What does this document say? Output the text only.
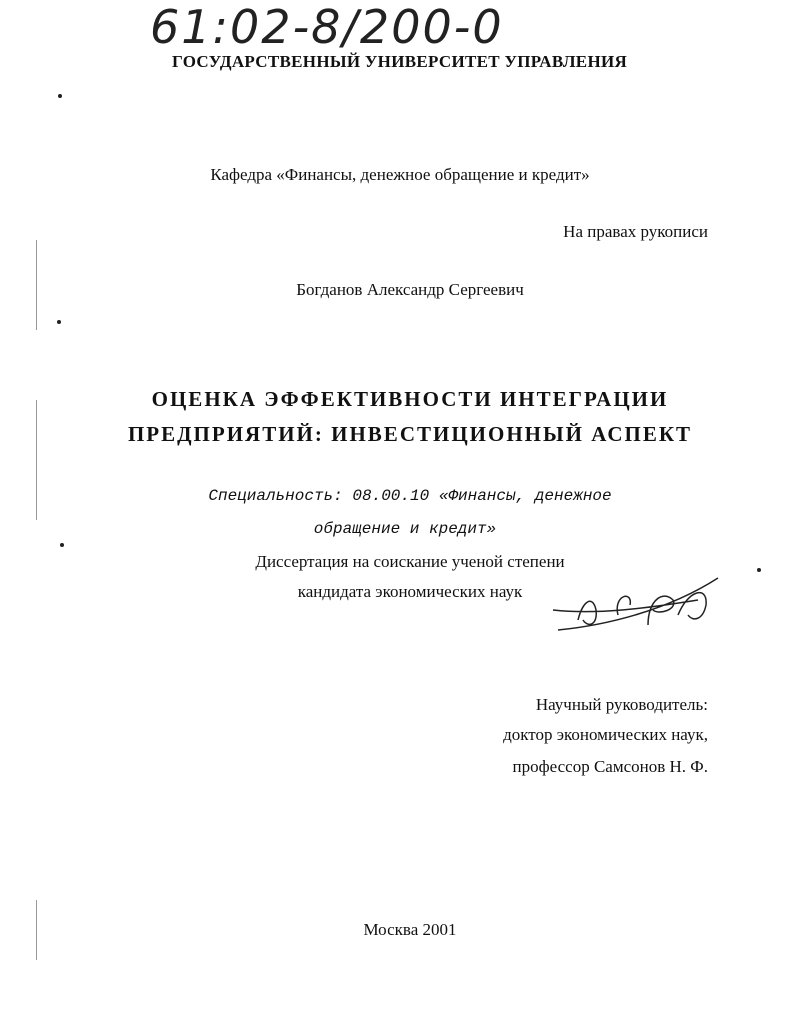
61:02-8/200-0
ГОСУДАРСТВЕННЫЙ УНИВЕРСИТЕТ УПРАВЛЕНИЯ
Кафедра «Финансы, денежное обращение и кредит»
На правах рукописи
Богданов Александр Сергеевич
ОЦЕНКА ЭФФЕКТИВНОСТИ ИНТЕГРАЦИИ
ПРЕДПРИЯТИЙ: ИНВЕСТИЦИОННЫЙ АСПЕКТ
Специальность: 08.00.10 «Финансы, денежное
обращение и кредит»
Диссертация на соискание ученой степени
кандидата экономических наук
Научный руководитель:
доктор экономических наук,
профессор Самсонов Н. Ф.
Москва 2001
